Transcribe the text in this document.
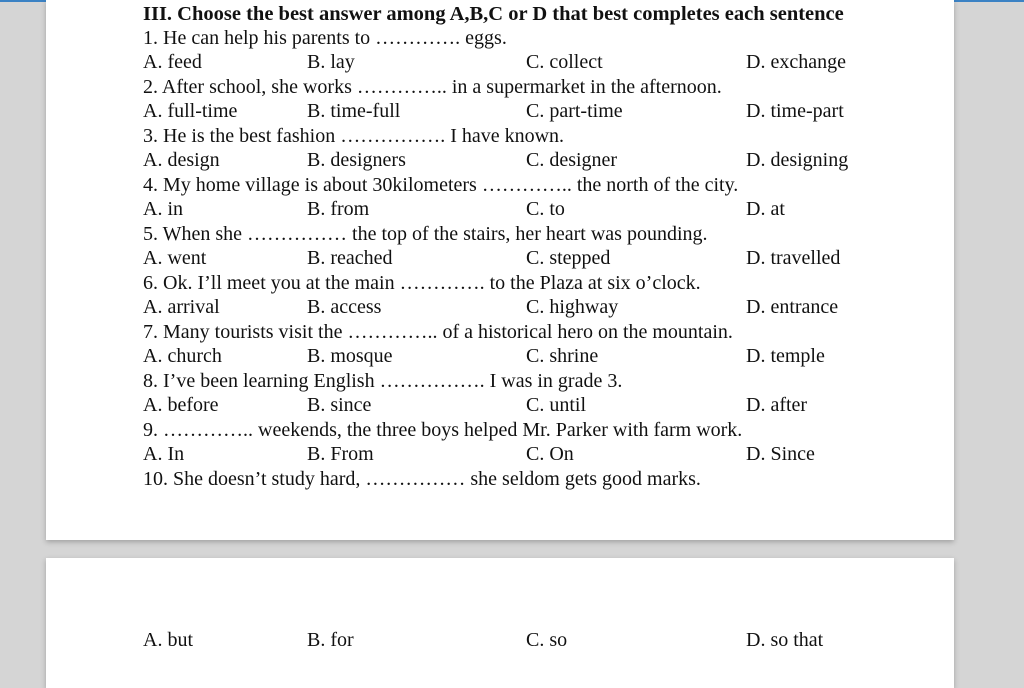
III. Choose the best answer among A,B,C or D that best completes each sentence
1. He can help his parents to …………. eggs.
A. feed	B. lay	C. collect	D. exchange
2. After school, she works ………….. in a supermarket in the afternoon.
A. full-time	B. time-full	C. part-time	D. time-part
3. He is the best fashion ……………. I have known.
A. design	B. designers	C. designer	D. designing
4. My home village is about 30kilometers ………….. the north of the city.
A. in	B. from	C. to	D. at
5. When she …………… the top of the stairs, her heart was pounding.
A. went	B. reached	C. stepped	D. travelled
6. Ok. I’ll meet you at the main …………. to the Plaza at six o’clock.
A. arrival	B. access	C. highway	D. entrance
7. Many tourists visit the ………….. of a historical hero on the mountain.
A. church	B. mosque	C. shrine	D. temple
8. I’ve been learning English ……………. I was in grade 3.
A. before	B. since	C. until	D. after
9. ………….. weekends, the three boys helped Mr. Parker with farm work.
A. In	B. From	C. On	D. Since
10. She doesn’t study hard, …………… she seldom gets good marks.
A. but	B. for	C. so	D. so that
